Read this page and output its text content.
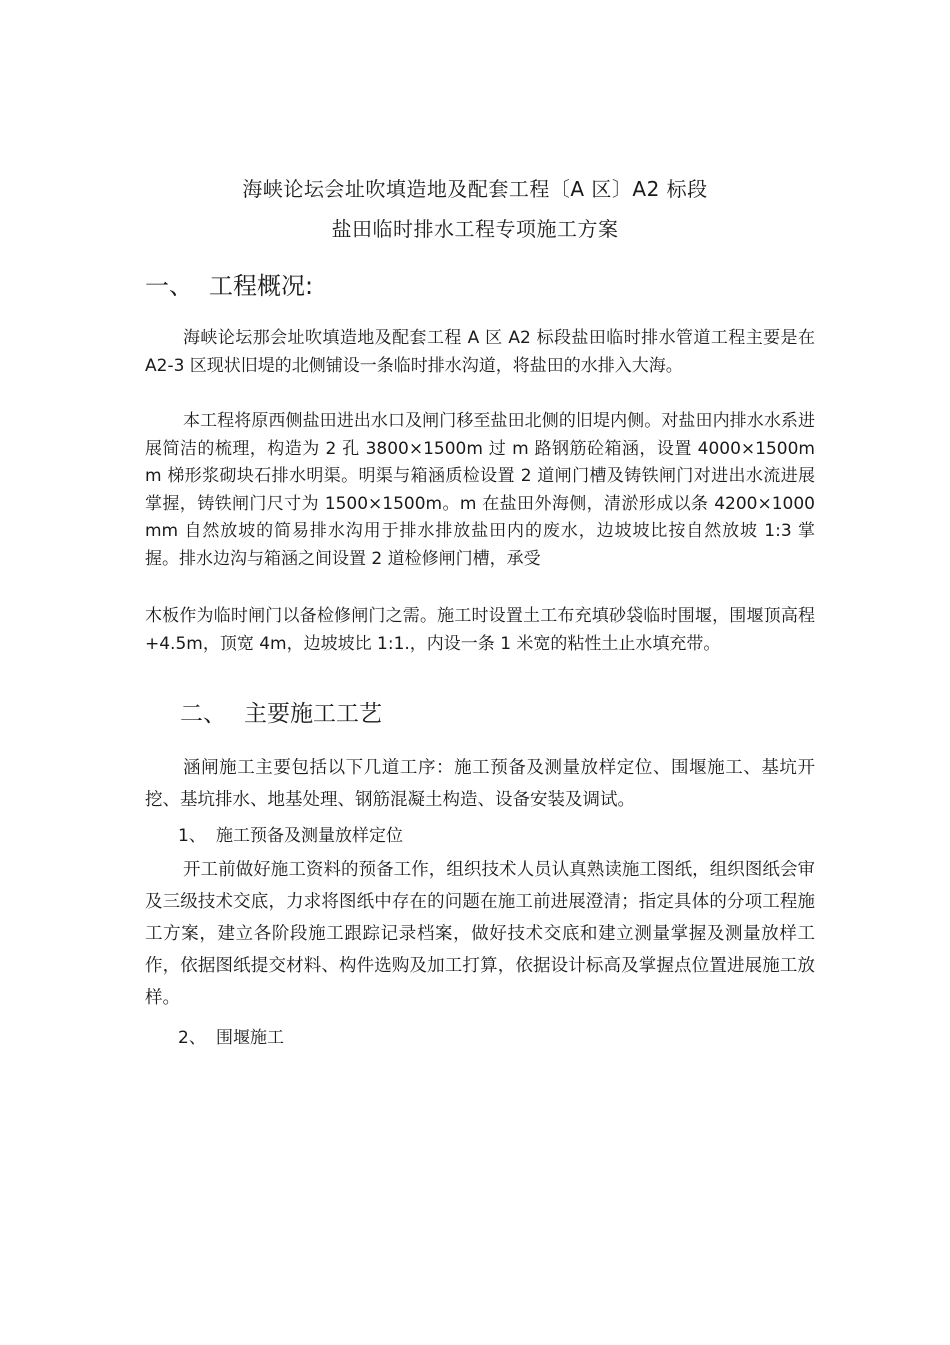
海峡论坛会址吹填造地及配套工程〔A 区〕A2 标段
盐田临时排水工程专项施工方案
一、 工程概况:
海峡论坛那会址吹填造地及配套工程 A 区 A2 标段盐田临时排水管道工程主要是在 A2-3 区现状旧堤的北侧铺设一条临时排水沟道，将盐田的水排入大海。
本工程将原西侧盐田进出水口及闸门移至盐田北侧的旧堤内侧。对盐田内排水水系进展简洁的梳理，构造为 2 孔 3800×1500m 过 m 路钢筋砼箱涵，设置 4000×1500mm 梯形浆砌块石排水明渠。明渠与箱涵质检设置 2 道闸门槽及铸铁闸门对进出水流进展掌握，铸铁闸门尺寸为 1500×1500m。m 在盐田外海侧，清淤形成以条 4200×1000mm 自然放坡的简易排水沟用于排水排放盐田内的废水，边坡坡比按自然放坡 1:3 掌握。排水边沟与箱涵之间设置 2 道检修闸门槽，承受
木板作为临时闸门以备检修闸门之需。施工时设置土工布充填砂袋临时围堰，围堰顶高程+4.5m，顶宽 4m，边坡坡比 1:1.，内设一条 1 米宽的粘性土止水填充带。
二、 主要施工工艺
涵闸施工主要包括以下几道工序：施工预备及测量放样定位、围堰施工、基坑开挖、基坑排水、地基处理、钢筋混凝土构造、设备安装及调试。
1、 施工预备及测量放样定位
开工前做好施工资料的预备工作，组织技术人员认真熟读施工图纸，组织图纸会审及三级技术交底，力求将图纸中存在的问题在施工前进展澄清；指定具体的分项工程施工方案，建立各阶段施工跟踪记录档案，做好技术交底和建立测量掌握及测量放样工作，依据图纸提交材料、构件选购及加工打算，依据设计标高及掌握点位置进展施工放样。
2、 围堰施工
